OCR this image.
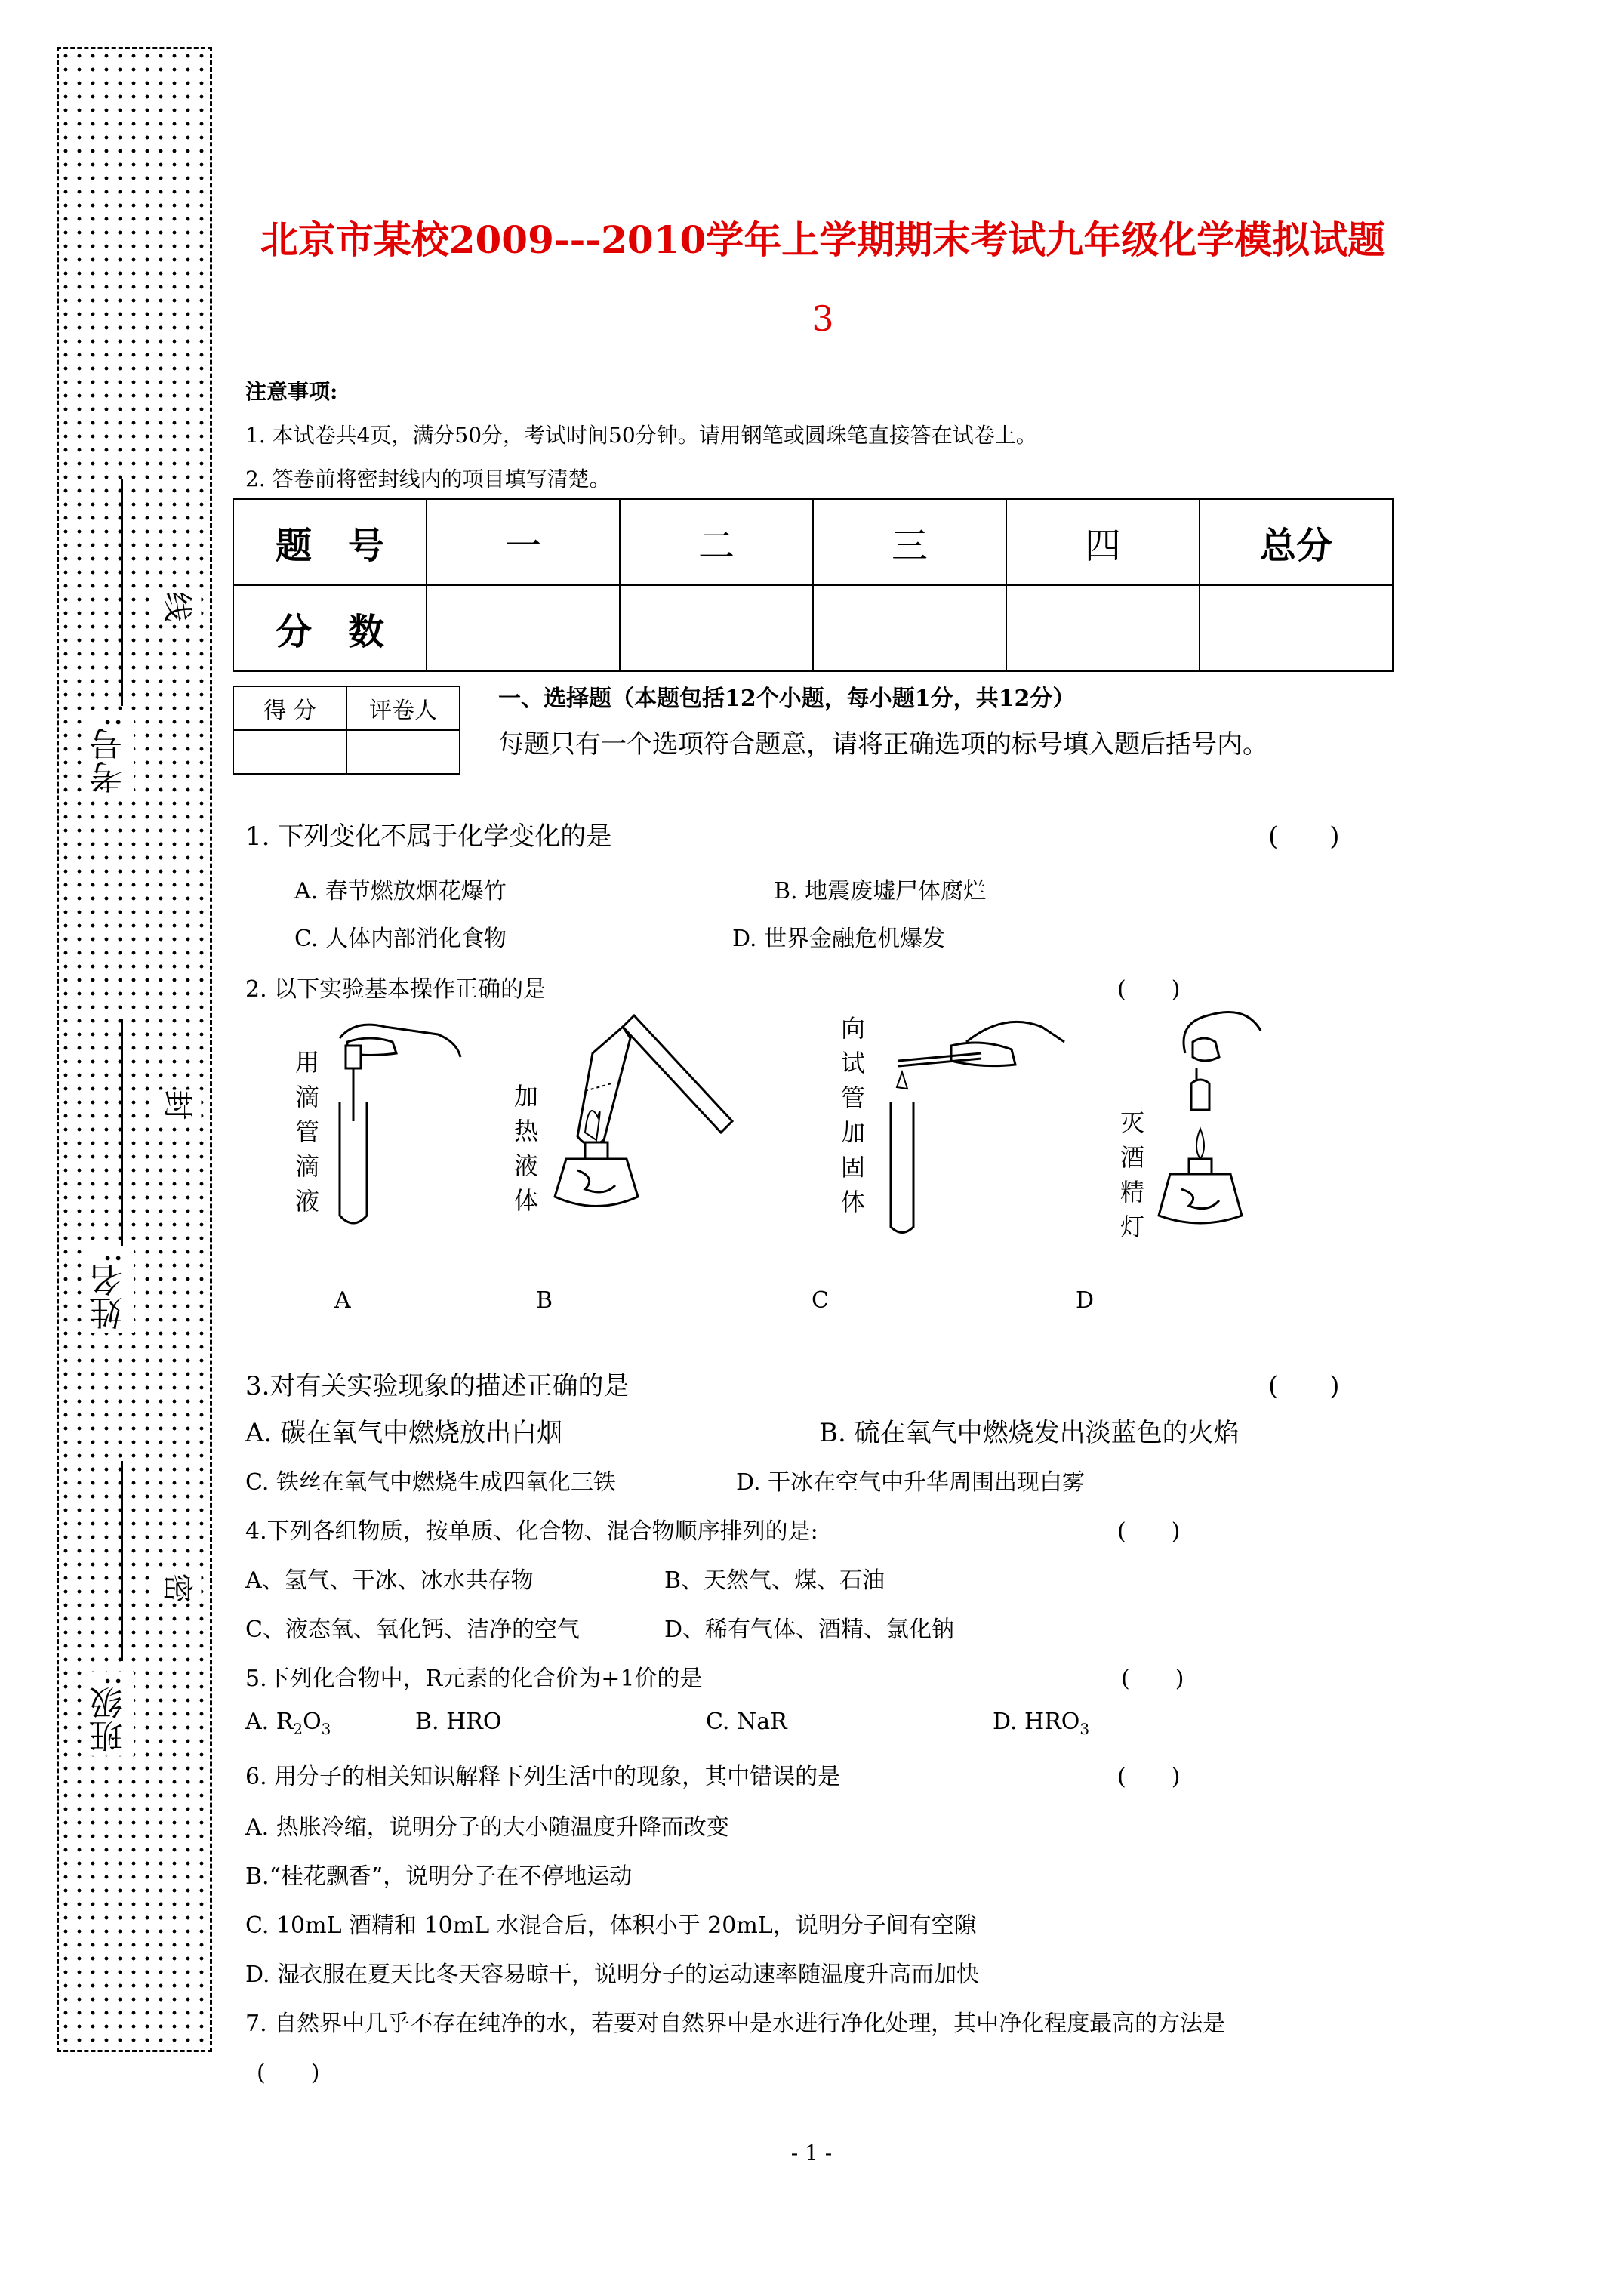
考号:
线
姓名:
封
班级:
密
北京市某校2009---2010学年上学期期末考试九年级化学模拟试题
3
注意事项:
1. 本试卷共4页，满分50分，考试时间50分钟。请用钢笔或圆珠笔直接答在试卷上。
2. 答卷前将密封线内的项目填写清楚。
题　号	一	二	三	四	总分
分　数					
得 分	评卷人
		一、选择题（本题包括12个小题，每小题1分，共12分）
每题只有一个选项符合题意，请将正确选项的标号填入题后括号内。
1. 下列变化不属于化学变化的是	(　　)
A. 春节燃放烟花爆竹	B. 地震废墟尸体腐烂
C. 人体内部消化食物	D. 世界金融危机爆发
2. 以下实验基本操作正确的是	(　　)
用滴管滴液	加热液体	向试管加固体	灭酒精灯
A	B	C	D
3.对有关实验现象的描述正确的是	(　　)
A. 碳在氧气中燃烧放出白烟	B. 硫在氧气中燃烧发出淡蓝色的火焰
C. 铁丝在氧气中燃烧生成四氧化三铁	D. 干冰在空气中升华周围出现白雾
4.下列各组物质，按单质、化合物、混合物顺序排列的是:	(　　)
A、氢气、干冰、冰水共存物	B、天然气、煤、石油
C、液态氧、氧化钙、洁净的空气	D、稀有气体、酒精、氯化钠
5.下列化合物中，R元素的化合价为+1价的是	(　　)
A. $R_2O_3$	B. HRO	C. NaR	D. $HRO_3$
6. 用分子的相关知识解释下列生活中的现象，其中错误的是	(　　)
A. 热胀冷缩，说明分子的大小随温度升降而改变
B.“桂花飘香”，说明分子在不停地运动
C. 10mL 酒精和 10mL 水混合后，体积小于 20mL，说明分子间有空隙
D. 湿衣服在夏天比冬天容易晾干，说明分子的运动速率随温度升高而加快
7. 自然界中几乎不存在纯净的水，若要对自然界中是水进行净化处理，其中净化程度最高的方法是
(　　)
- 1 -
